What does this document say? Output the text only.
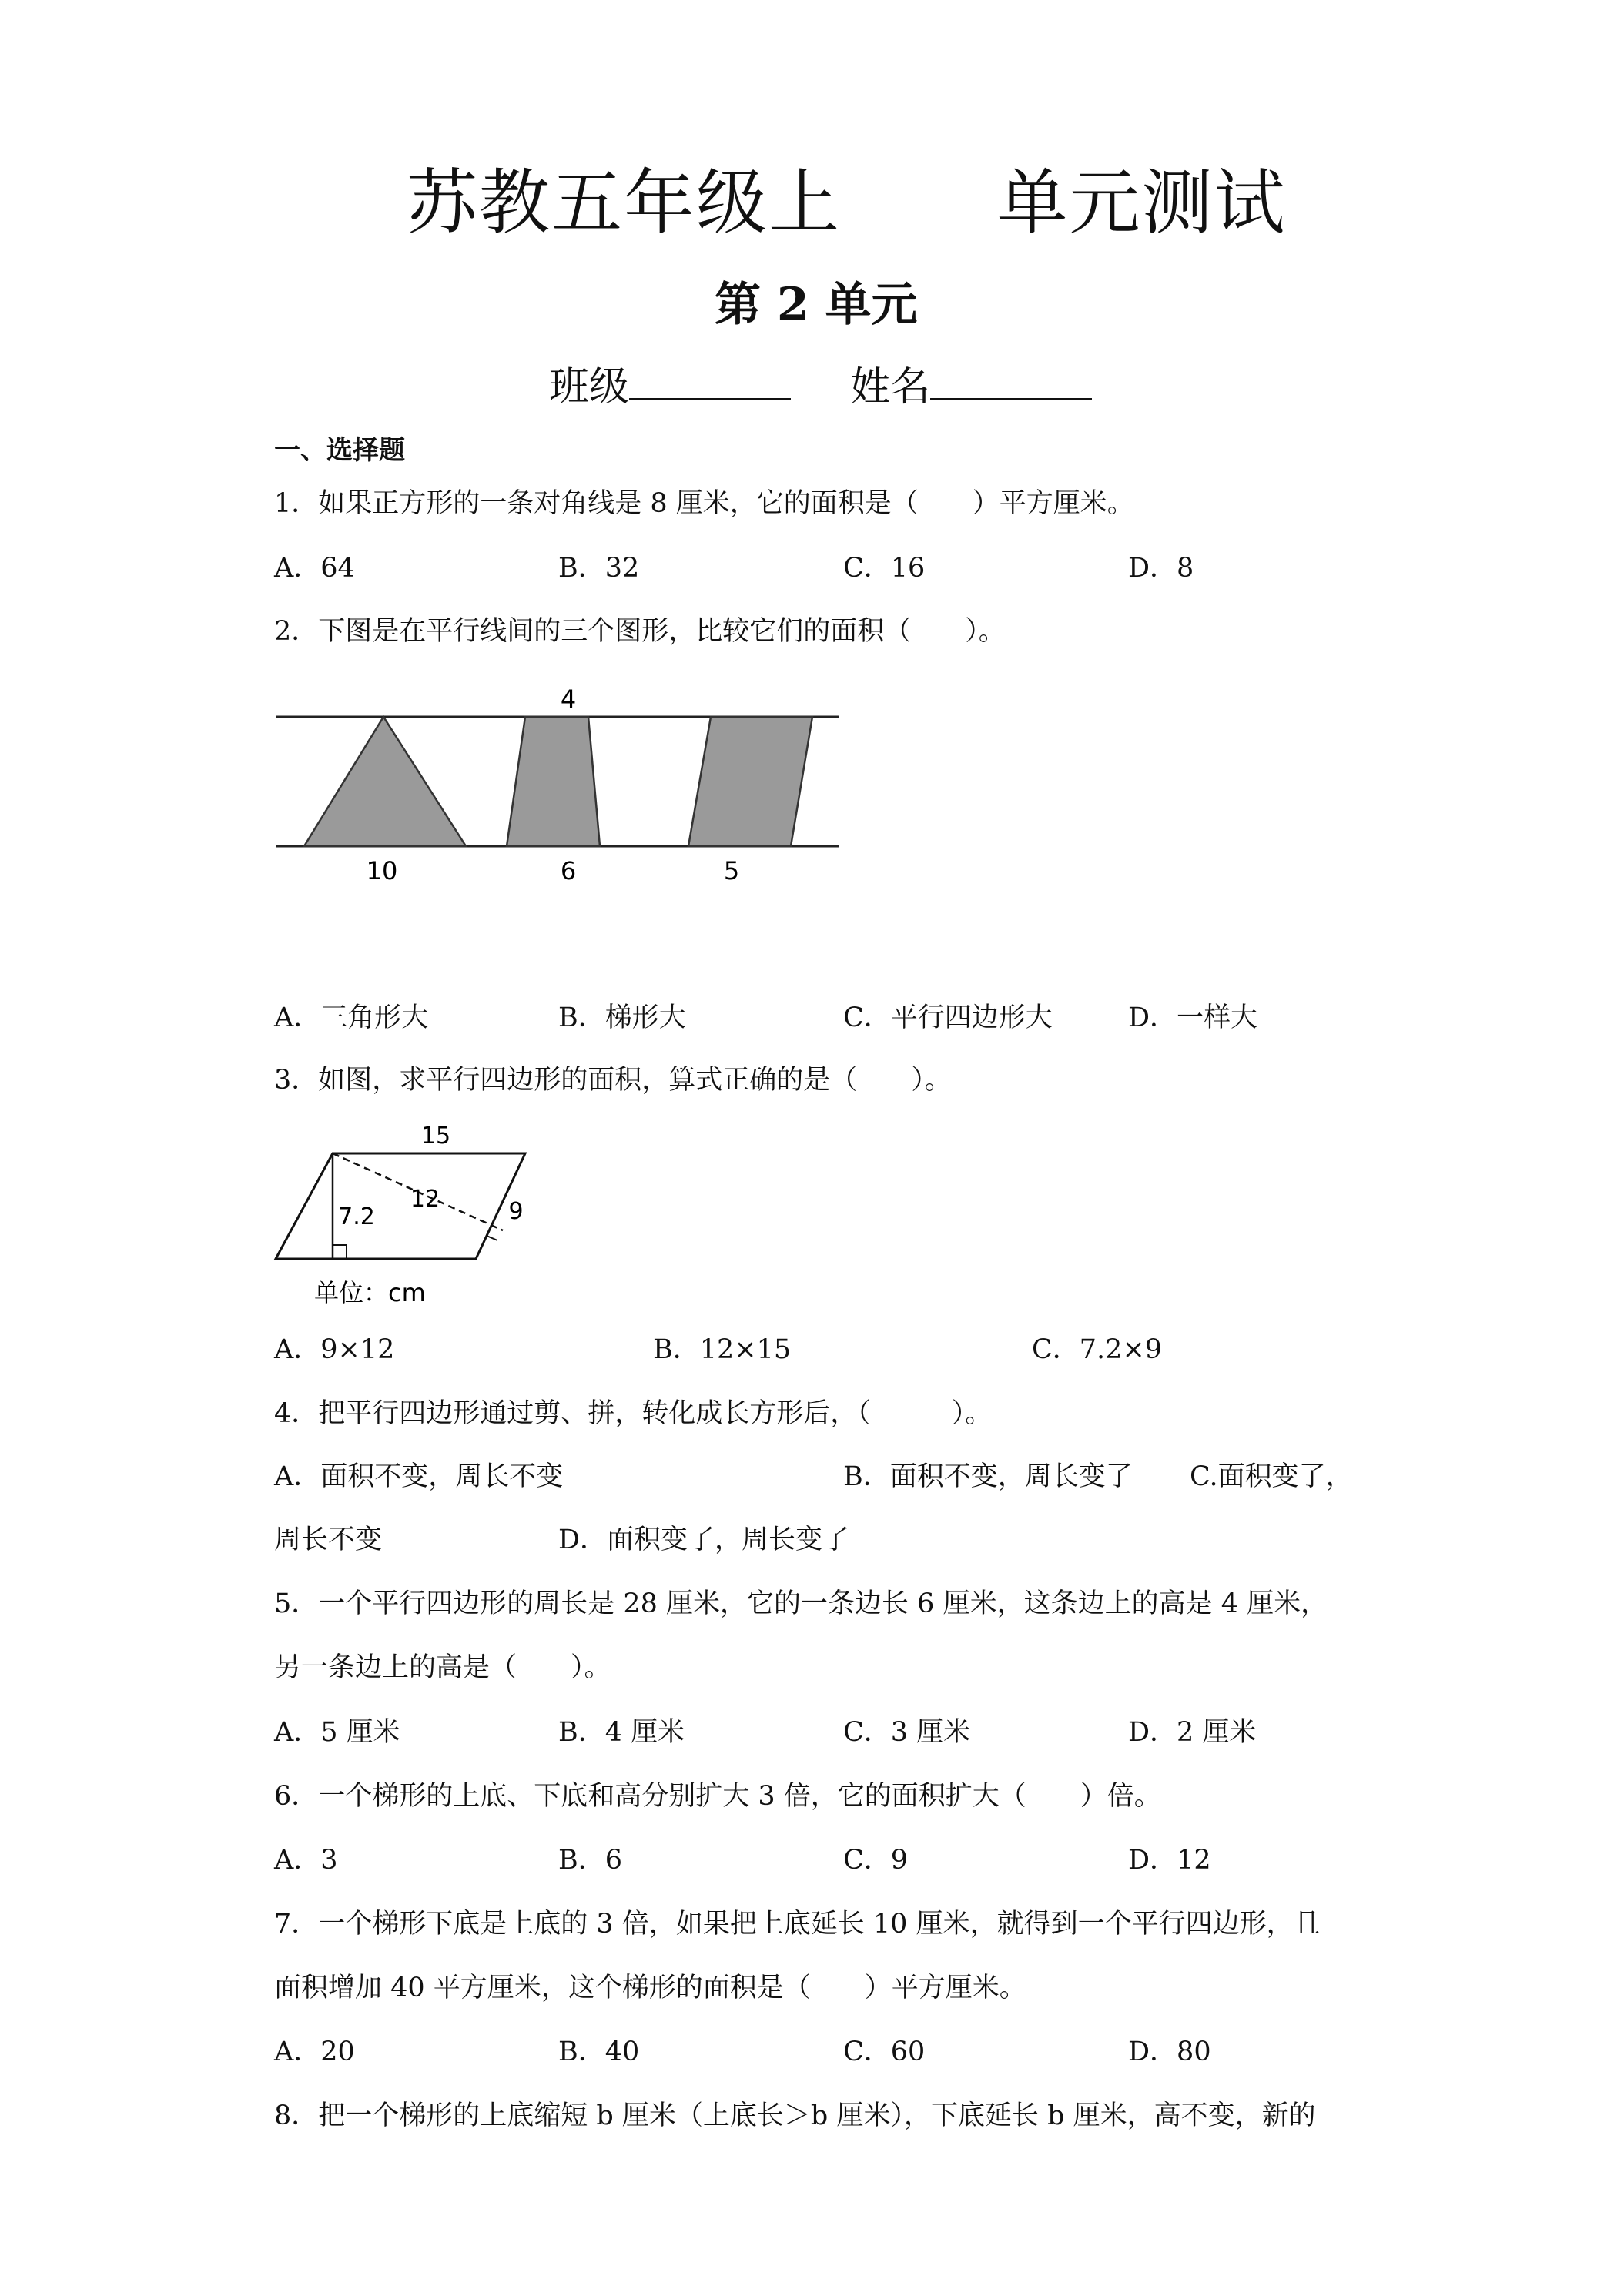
苏教五年级上 单元测试
第 2 单元
班级	姓名
一、选择题
1．如果正方形的一条对角线是 8 厘米，它的面积是（　　）平方厘米。
A．64	B．32	C．16	D．8
2．下图是在平行线间的三个图形，比较它们的面积（　　）。
4
10	6	5
A．三角形大	B．梯形大	C．平行四边形大	D．一样大
3．如图，求平行四边形的面积，算式正确的是（　　）。
15
12
7.2	9
单位：cm
A．9×12	B．12×15	C．7.2×9
4．把平行四边形通过剪、拼，转化成长方形后，（　　　）。
A．面积不变，周长不变	B．面积不变，周长变了 C.面积变了，
周长不变	D．面积变了，周长变了
5．一个平行四边形的周长是 28 厘米，它的一条边长 6 厘米，这条边上的高是 4 厘米，
另一条边上的高是（　　）。
A．5 厘米	B．4 厘米	C．3 厘米	D．2 厘米
6．一个梯形的上底、下底和高分别扩大 3 倍，它的面积扩大（　　）倍。
A．3	B．6	C．9	D．12
7．一个梯形下底是上底的 3 倍，如果把上底延长 10 厘米，就得到一个平行四边形，且
面积增加 40 平方厘米，这个梯形的面积是（　　）平方厘米。
A．20	B．40	C．60	D．80
8．把一个梯形的上底缩短 b 厘米（上底长＞b 厘米），下底延长 b 厘米，高不变，新的
